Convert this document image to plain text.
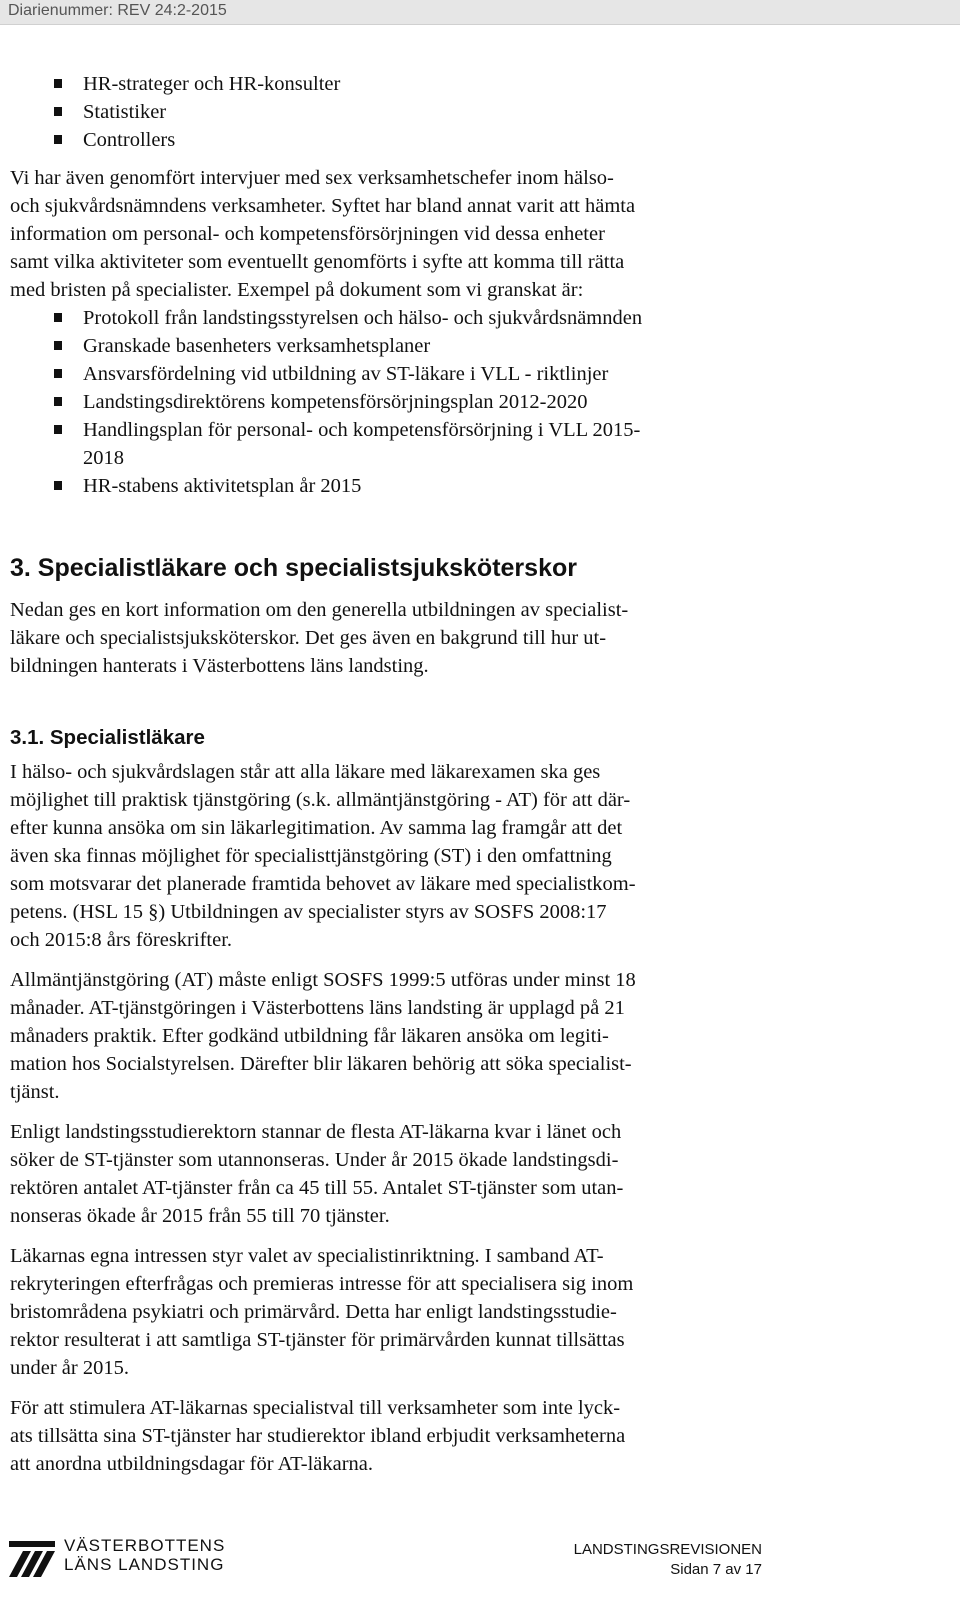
Diarienummer: REV 24:2-2015
HR-strateger och HR-konsulter
Statistiker
Controllers

Vi har även genomfört intervjuer med sex verksamhetschefer inom hälso-
och sjukvårdsnämndens verksamheter. Syftet har bland annat varit att hämta
information om personal- och kompetensförsörjningen vid dessa enheter
samt vilka aktiviteter som eventuellt genomförts i syfte att komma till rätta
med bristen på specialister. Exempel på dokument som vi granskat är:

Protokoll från landstingsstyrelsen och hälso- och sjukvårdsnämnden
Granskade basenheters verksamhetsplaner
Ansvarsfördelning vid utbildning av ST-läkare i VLL - riktlinjer
Landstingsdirektörens kompetensförsörjningsplan 2012-2020
Handlingsplan för personal- och kompetensförsörjning i VLL 2015-
2018
HR-stabens aktivitetsplan år 2015
3. Specialistläkare och specialistsjuksköterskor

Nedan ges en kort information om den generella utbildningen av specialist-
läkare och specialistsjuksköterskor. Det ges även en bakgrund till hur ut-
bildningen hanterats i Västerbottens läns landsting.

3.1. Specialistläkare

I hälso- och sjukvårdslagen står att alla läkare med läkarexamen ska ges
möjlighet till praktisk tjänstgöring (s.k. allmäntjänstgöring - AT) för att där-
efter kunna ansöka om sin läkarlegitimation. Av samma lag framgår att det
även ska finnas möjlighet för specialisttjänstgöring (ST) i den omfattning
som motsvarar det planerade framtida behovet av läkare med specialistkom-
petens. (HSL 15 §) Utbildningen av specialister styrs av SOSFS 2008:17
och 2015:8 års föreskrifter.

Allmäntjänstgöring (AT) måste enligt SOSFS 1999:5 utföras under minst 18
månader. AT-tjänstgöringen i Västerbottens läns landsting är upplagd på 21
månaders praktik. Efter godkänd utbildning får läkaren ansöka om legiti-
mation hos Socialstyrelsen. Därefter blir läkaren behörig att söka specialist-
tjänst.

Enligt landstingsstudierektorn stannar de flesta AT-läkarna kvar i länet och
söker de ST-tjänster som utannonseras. Under år 2015 ökade landstingsdi-
rektören antalet AT-tjänster från ca 45 till 55. Antalet ST-tjänster som utan-
nonseras ökade år 2015 från 55 till 70 tjänster.

Läkarnas egna intressen styr valet av specialistinriktning. I samband AT-
rekryteringen efterfrågas och premieras intresse för att specialisera sig inom
bristområdena psykiatri och primärvård. Detta har enligt landstingsstudie-
rektor resulterat i att samtliga ST-tjänster för primärvården kunnat tillsättas
under år 2015.

För att stimulera AT-läkarnas specialistval till verksamheter som inte lyck-
ats tillsätta sina ST-tjänster har studierektor ibland erbjudit verksamheterna
att anordna utbildningsdagar för AT-läkarna.

VÄSTERBOTTENS
LÄNS LANDSTING
LANDSTINGSREVISIONEN
Sidan 7 av 17
